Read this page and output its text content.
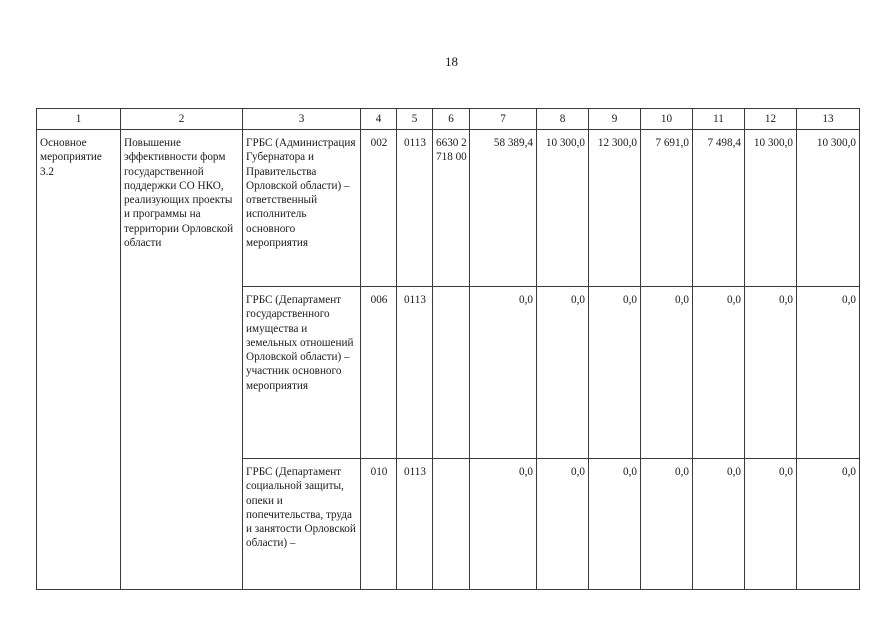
18
1	2	3	4	5	6	7	8	9	10	11	12	13
Основное мероприятие 3.2	Повышение эффективности форм государственной поддержки СО НКО, реализующих проекты и программы на территории Орловской области	ГРБС (Администрация Губернатора и Правительства Орловской области) – ответственный исполнитель основного мероприятия	002	0113	6630 2718 00	58 389,4	10 300,0	12 300,0	7 691,0	7 498,4	10 300,0	10 300,0
		ГРБС (Департамент государственного имущества и земельных отношений Орловской области) – участник основного мероприятия	006	0113		0,0	0,0	0,0	0,0	0,0	0,0	0,0
		ГРБС (Департамент социальной защиты, опеки и попечительства, труда и занятости Орловской области) –	010	0113		0,0	0,0	0,0	0,0	0,0	0,0	0,0
